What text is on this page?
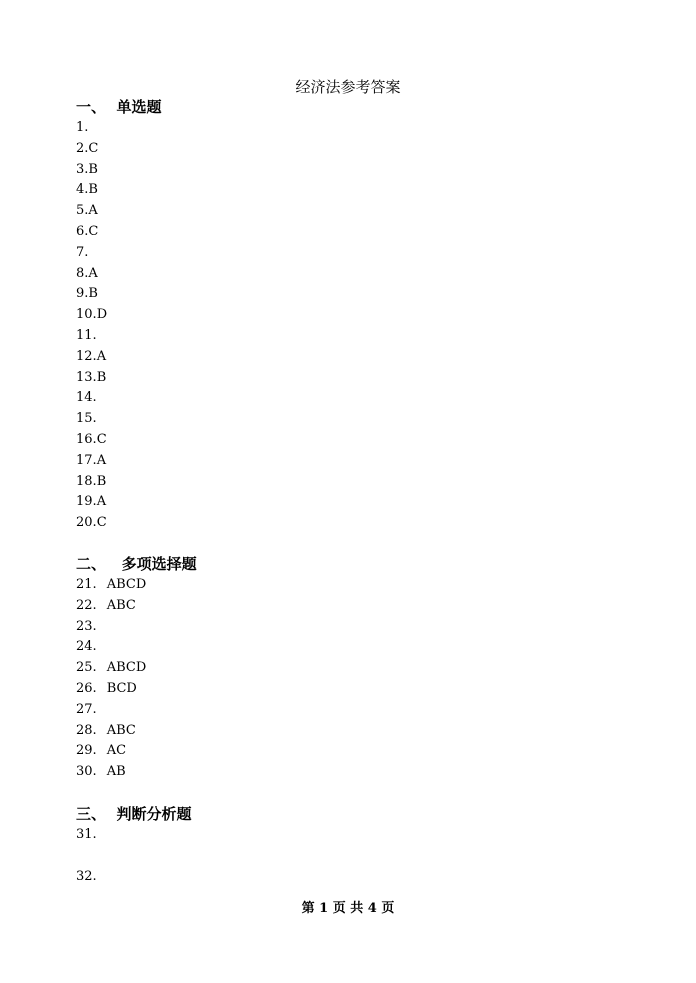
经济法参考答案
一、  单选题
1.
2.C
3.B
4.B
5.A
6.C
7.
8.A
9.B
10.D
11.
12.A
13.B
14.
15.
16.C
17.A
18.B
19.A
20.C
二、   多项选择题
21. ABCD
22. ABC
23.
24.
25. ABCD
26. BCD
27.
28. ABC
29. AC
30. AB
三、  判断分析题
31.
32.
第 1 页 共 4 页
